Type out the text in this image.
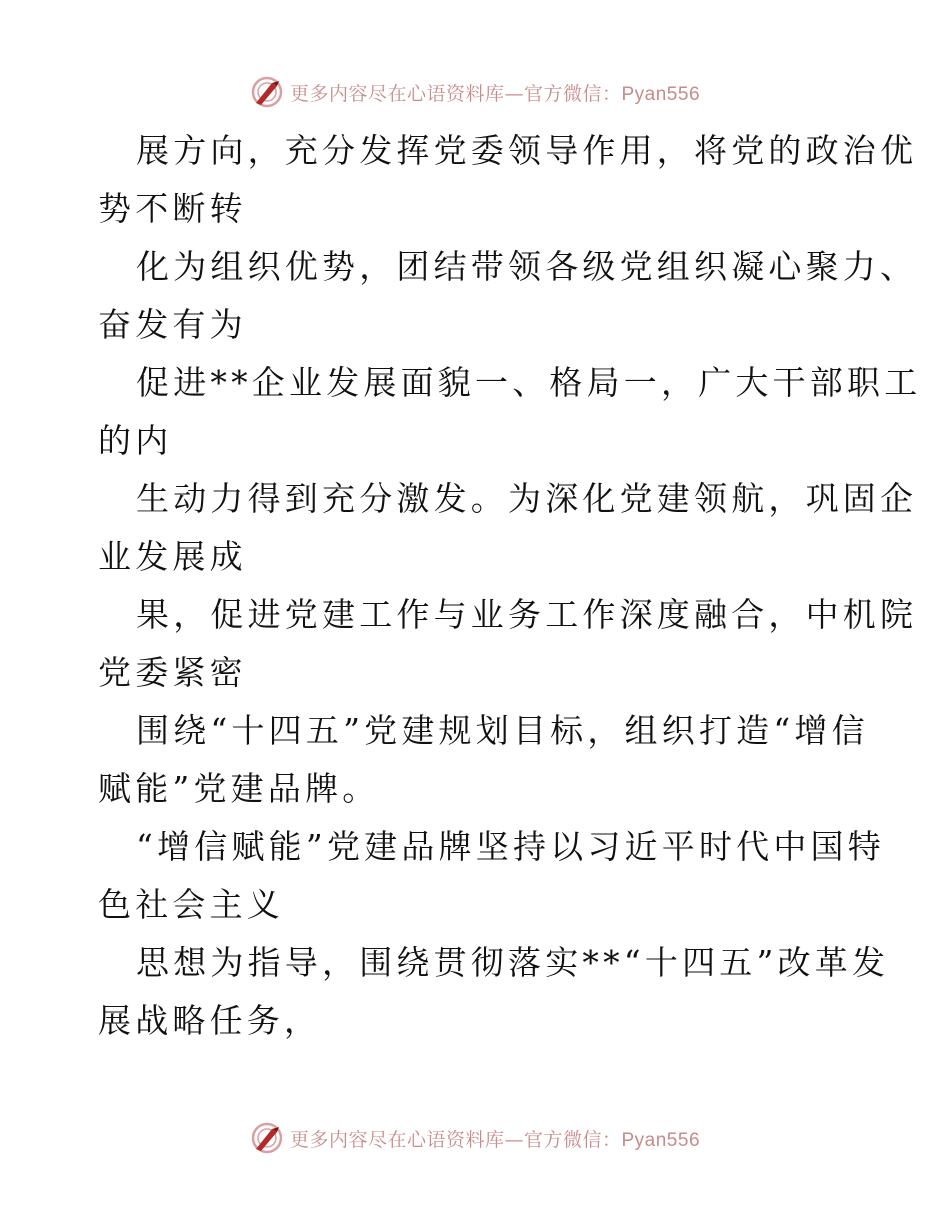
更多内容尽在心语资料库—官方微信：Pyan556
展方向，充分发挥党委领导作用，将党的政治优
势不断转
化为组织优势，团结带领各级党组织凝心聚力、
奋发有为
促进**企业发展面貌一、格局一，广大干部职工
的内
生动力得到充分激发。为深化党建领航，巩固企
业发展成
果，促进党建工作与业务工作深度融合，中机院
党委紧密
围绕“十四五”党建规划目标，组织打造“增信
赋能”党建品牌。
“增信赋能”党建品牌坚持以习近平时代中国特
色社会主义
思想为指导，围绕贯彻落实**“十四五”改革发
展战略任务，
更多内容尽在心语资料库—官方微信：Pyan556
